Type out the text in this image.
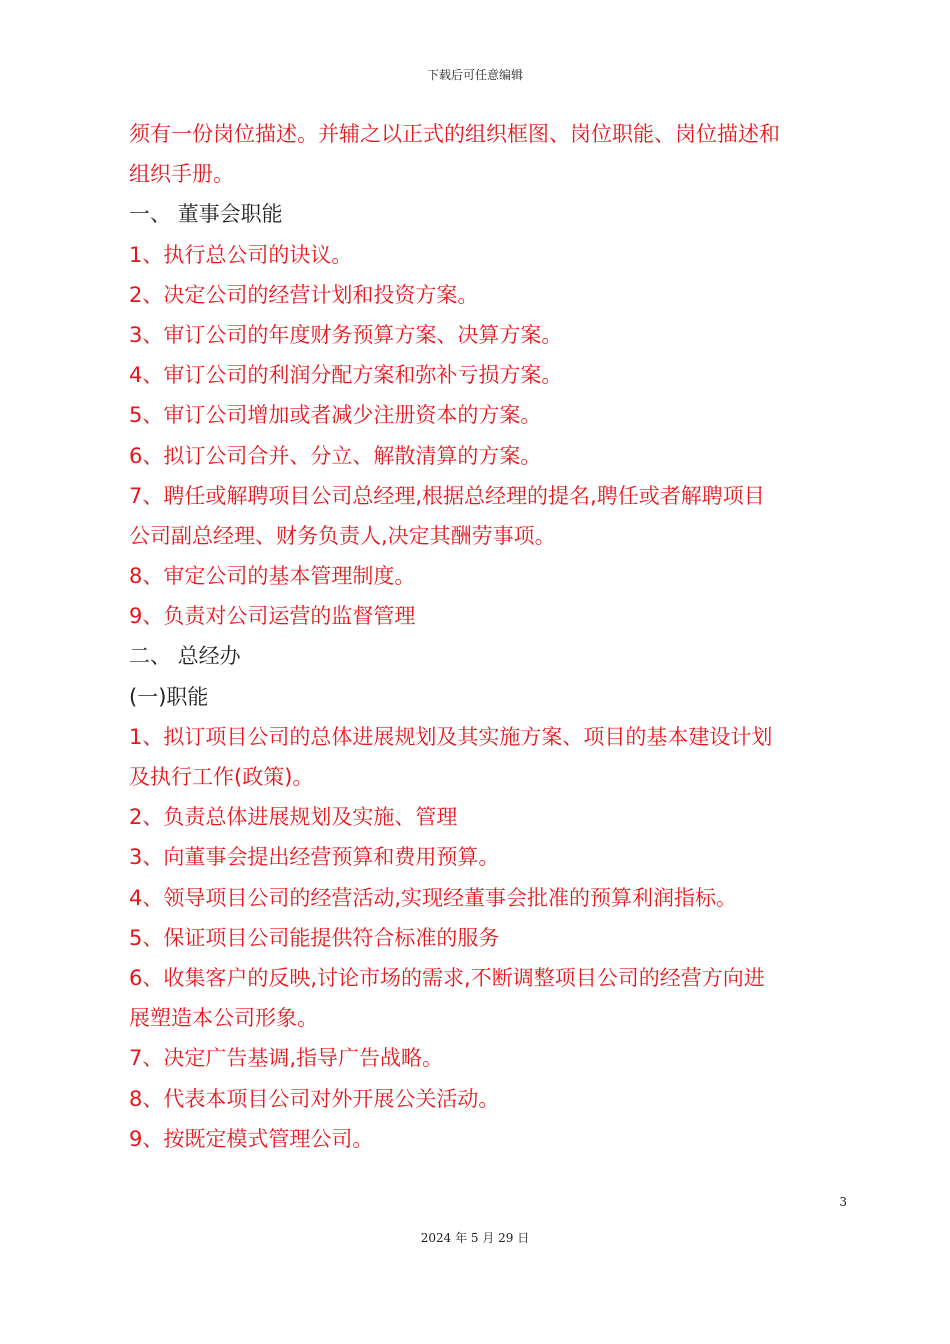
下载后可任意编辑
须有一份岗位描述。并辅之以正式的组织框图、岗位职能、岗位描述和
组织手册。
一、 董事会职能
1、执行总公司的诀议。
2、决定公司的经营计划和投资方案。
3、审订公司的年度财务预算方案、决算方案。
4、审订公司的利润分配方案和弥补亏损方案。
5、审订公司增加或者减少注册资本的方案。
6、拟订公司合并、分立、解散清算的方案。
7、聘任或解聘项目公司总经理,根据总经理的提名,聘任或者解聘项目
公司副总经理、财务负责人,决定其酬劳事项。
8、审定公司的基本管理制度。
9、负责对公司运营的监督管理
二、 总经办
(一)职能
1、拟订项目公司的总体进展规划及其实施方案、项目的基本建设计划
及执行工作(政策)。
2、负责总体进展规划及实施、管理
3、向董事会提出经营预算和费用预算。
4、领导项目公司的经营活动,实现经董事会批准的预算利润指标。
5、保证项目公司能提供符合标准的服务
6、收集客户的反映,讨论市场的需求,不断调整项目公司的经营方向进
展塑造本公司形象。
7、决定广告基调,指导广告战略。
8、代表本项目公司对外开展公关活动。
9、按既定模式管理公司。
3
2024 年 5 月 29 日
